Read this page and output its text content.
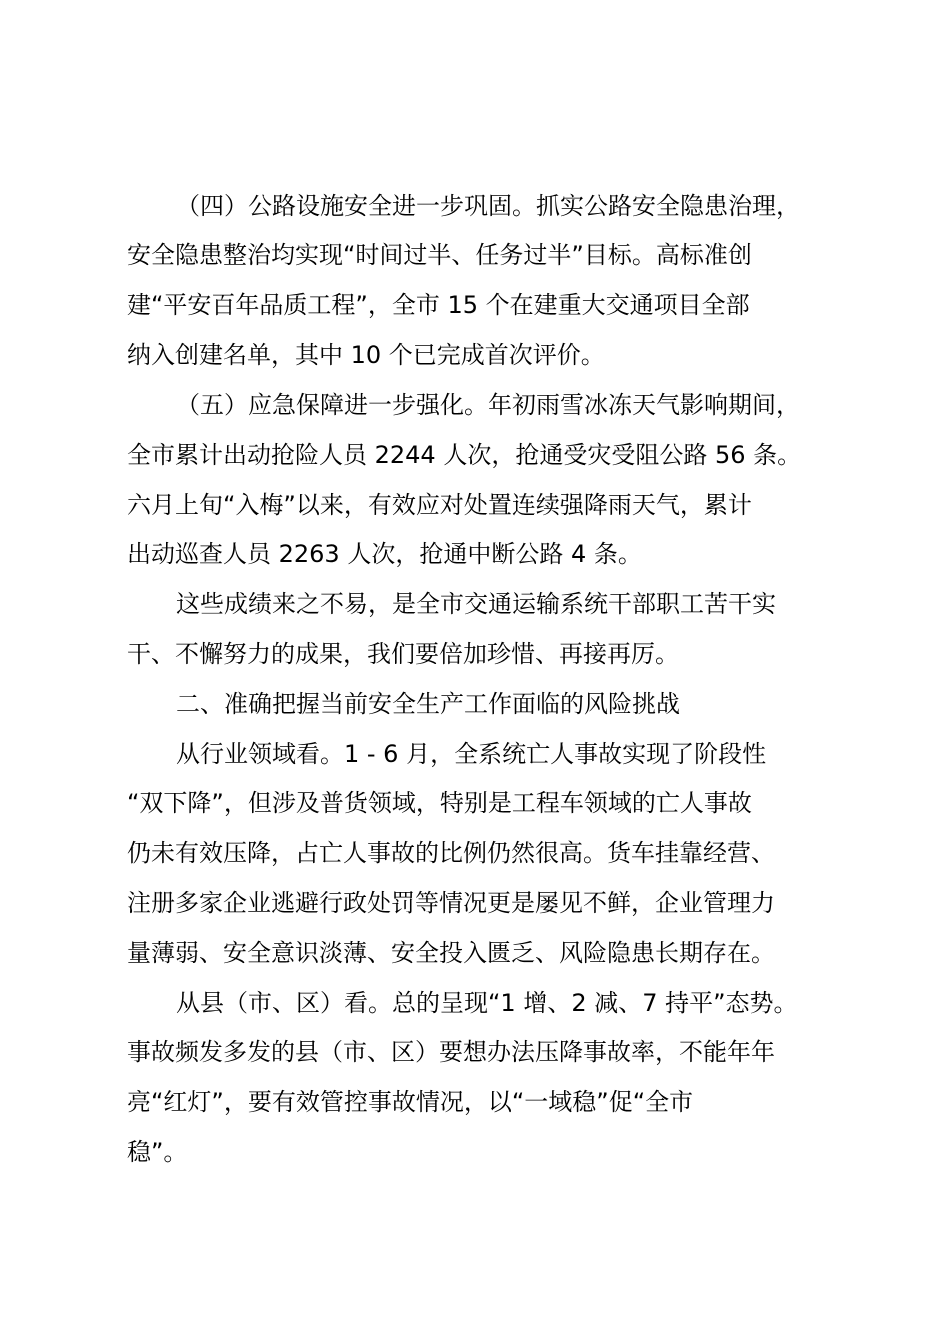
（四）公路设施安全进一步巩固。抓实公路安全隐患治理，

安全隐患整治均实现“时间过半、任务过半”目标。高标准创

建“平安百年品质工程”，全市 15 个在建重大交通项目全部

纳入创建名单，其中 10 个已完成首次评价。

（五）应急保障进一步强化。年初雨雪冰冻天气影响期间，

全市累计出动抢险人员 2244 人次，抢通受灾受阻公路 56 条。

六月上旬“入梅”以来，有效应对处置连续强降雨天气，累计

出动巡查人员 2263 人次，抢通中断公路 4 条。

这些成绩来之不易，是全市交通运输系统干部职工苦干实

干、不懈努力的成果，我们要倍加珍惜、再接再厉。

二、准确把握当前安全生产工作面临的风险挑战

从行业领域看。1 - 6 月，全系统亡人事故实现了阶段性

“双下降”，但涉及普货领域，特别是工程车领域的亡人事故

仍未有效压降，占亡人事故的比例仍然很高。货车挂靠经营、

注册多家企业逃避行政处罚等情况更是屡见不鲜，企业管理力

量薄弱、安全意识淡薄、安全投入匮乏、风险隐患长期存在。

从县（市、区）看。总的呈现“1 增、2 减、7 持平”态势。

事故频发多发的县（市、区）要想办法压降事故率，不能年年

亮“红灯”，要有效管控事故情况，以“一域稳”促“全市

稳”。
